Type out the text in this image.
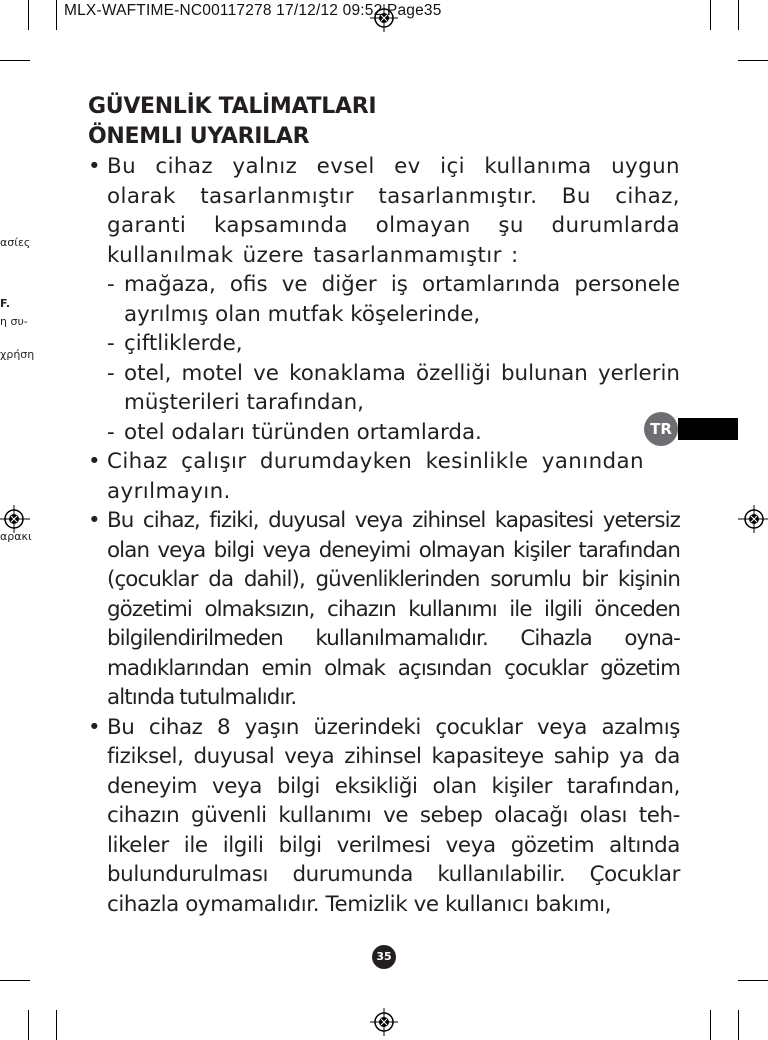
MLX-WAFTIME-NC00117278 17/12/12 09:52 Page35
ασίες
F.
η συ-
χρήση
αρακι
TR
GÜVENLİK TALİMATLARI
ÖNEMLI UYARILAR
• Bu cihaz yalnız evsel ev içi kullanıma uygun olarak tasarlanmıştır tasarlanmıştır. Bu cihaz, garanti kapsamında olmayan şu durumlarda kullanılmak üzere tasarlanmamıştır :
- mağaza, ofis ve diğer iş ortamlarında personele ayrılmış olan mutfak köşelerinde,
- çiftliklerde,
- otel, motel ve konaklama özelliği bulunan yerlerin müşterileri tarafından,
- otel odaları türünden ortamlarda.
• Cihaz çalışır durumdayken kesinlikle yanından ayrılmayın.
• Bu cihaz, fiziki, duyusal veya zihinsel kapasitesi yetersiz olan veya bilgi veya deneyimi olmayan kişiler tarafından (çocuklar da dahil), güvenliklerinden sorumlu bir kişinin gözetimi olmaksızın, cihazın kullanımı ile ilgili önceden bilgilendirilmeden kullanılmamalıdır. Cihazla oyna-madıklarından emin olmak açısından çocuklar gözetim altında tutulmalıdır.
• Bu cihaz 8 yaşın üzerindeki çocuklar veya azalmış fiziksel, duyusal veya zihinsel kapasiteye sahip ya da deneyim veya bilgi eksikliği olan kişiler tarafından, cihazın güvenli kullanımı ve sebep olacağı olası teh-likeler ile ilgili bilgi verilmesi veya gözetim altında bulundurulması durumunda kullanılabilir. Çocuklar cihazla oymamalıdır. Temizlik ve kullanıcı bakımı,
35
